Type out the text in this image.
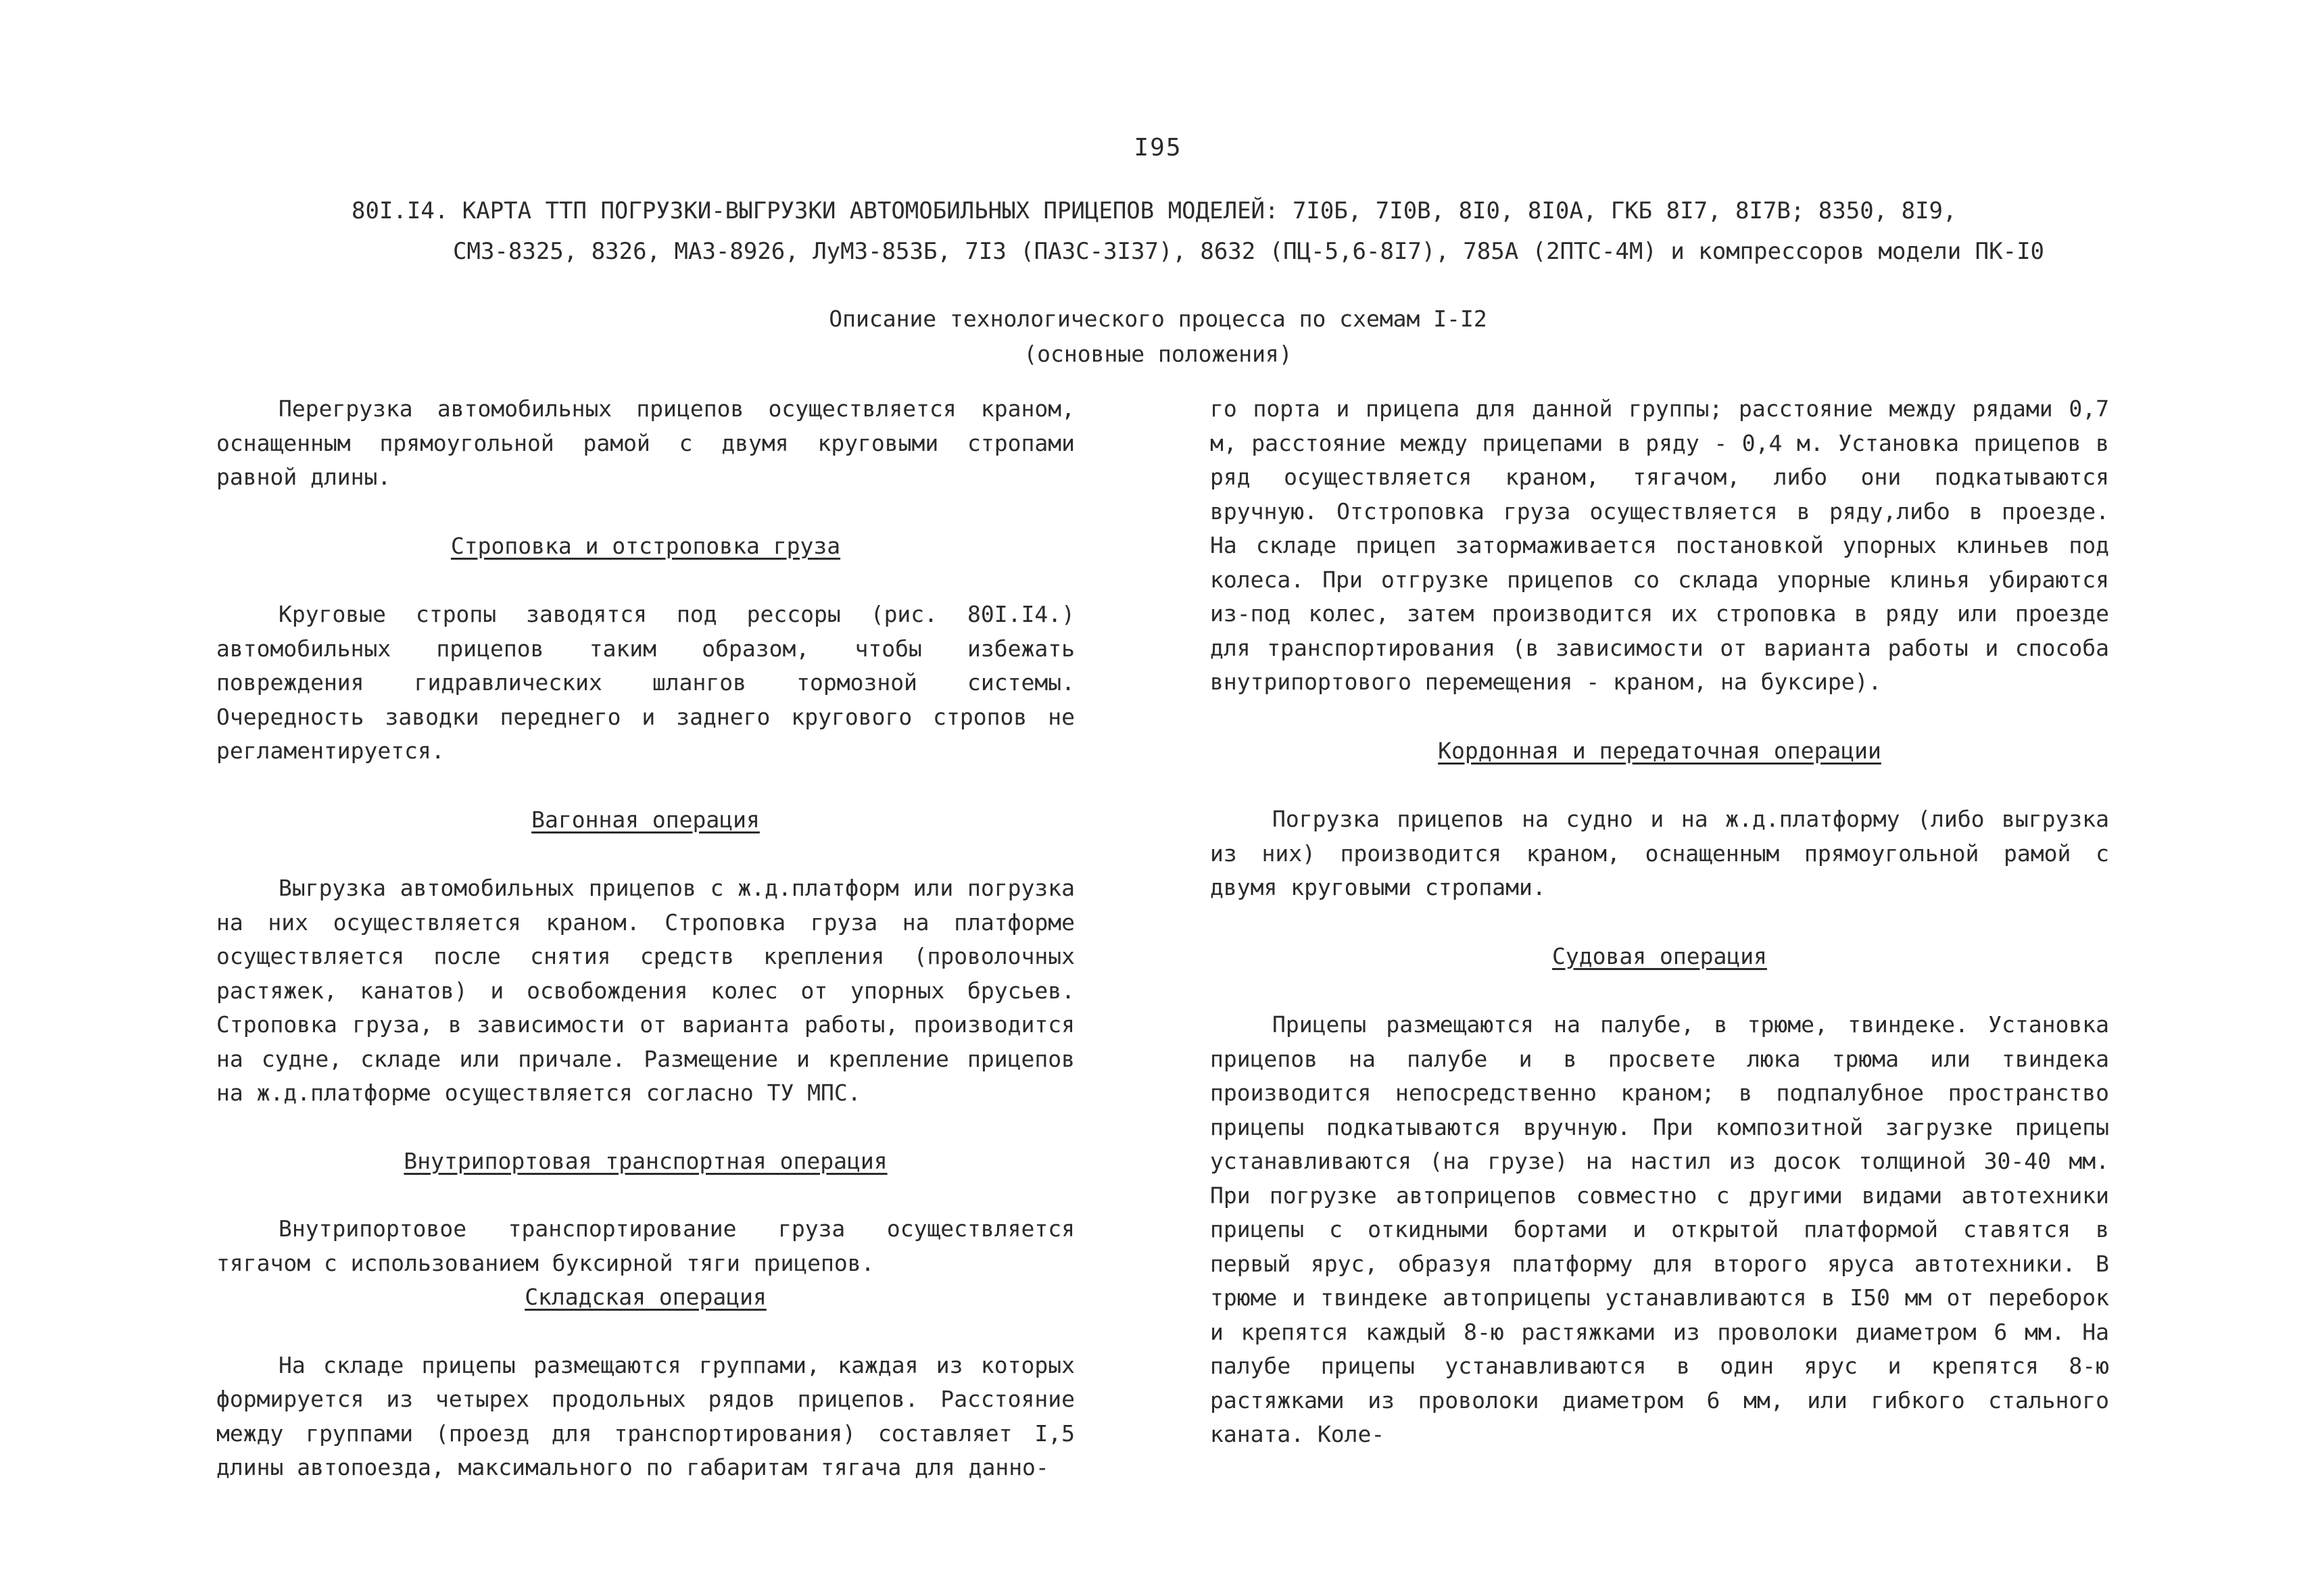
I95
80I.I4. КАРТА ТТП ПОГРУЗКИ-ВЫГРУЗКИ АВТОМОБИЛЬНЫХ ПРИЦЕПОВ МОДЕЛЕЙ: 7I0Б, 7I0В, 8I0, 8I0А, ГКБ 8I7, 8I7В; 8350, 8I9,
СМЗ-8325, 8326, МАЗ-8926, ЛуМЗ-853Б, 7I3 (ПАЗС-3I37), 8632 (ПЦ-5,6-8I7), 785А (2ПТС-4М) и компрессоров модели ПК-I0
Описание технологического процесса по схемам I-I2
(основные положения)

Перегрузка автомобильных прицепов осуществляется краном, оснащенным прямоугольной рамой с двумя круговыми стропами равной длины.

Строповка и отстроповка груза

Круговые стропы заводятся под рессоры (рис. 80I.I4.) автомобильных прицепов таким образом, чтобы избежать повреждения гидравлических шлангов тормозной системы. Очередность заводки переднего и заднего кругового стропов не регламентируется.

Вагонная операция

Выгрузка автомобильных прицепов с ж.д.платформ или погрузка на них осуществляется краном. Строповка груза на платформе осуществляется после снятия средств крепления (проволочных растяжек, канатов) и освобождения колес от упорных брусьев. Строповка груза, в зависимости от варианта работы, производится на судне, складе или причале. Размещение и крепление прицепов на ж.д.платформе осуществляется согласно ТУ МПС.

Внутрипортовая транспортная операция

Внутрипортовое транспортирование груза осуществляется тягачом с использованием буксирной тяги прицепов.

Складская операция

На складе прицепы размещаются группами, каждая из которых формируется из четырех продольных рядов прицепов. Расстояние между группами (проезд для транспортирования) составляет I,5 длины автопоезда, максимального по габаритам тягача для данно-

го порта и прицепа для данной группы; расстояние между рядами 0,7 м, расстояние между прицепами в ряду - 0,4 м. Установка прицепов в ряд осуществляется краном, тягачом, либо они подкатываются вручную. Отстроповка груза осуществляется в ряду,либо в проезде. На складе прицеп затормаживается постановкой упорных клиньев под колеса. При отгрузке прицепов со склада упорные клинья убираются из-под колес, затем производится их строповка в ряду или проезде для транспортирования (в зависимости от варианта работы и способа внутрипортового перемещения - краном, на буксире).

Кордонная и передаточная операции

Погрузка прицепов на судно и на ж.д.платформу (либо выгрузка из них) производится краном, оснащенным прямоугольной рамой с двумя круговыми стропами.

Судовая операция

Прицепы размещаются на палубе, в трюме, твиндеке. Установка прицепов на палубе и в просвете люка трюма или твиндека производится непосредственно краном; в подпалубное пространство прицепы подкатываются вручную. При композитной загрузке прицепы устанавливаются (на грузе) на настил из досок толщиной 30-40 мм. При погрузке автоприцепов совместно с другими видами автотехники прицепы с откидными бортами и открытой платформой ставятся в первый ярус, образуя платформу для второго яруса автотехники. В трюме и твиндеке автоприцепы устанавливаются в I50 мм от переборок и крепятся каждый 8-ю растяжками из проволоки диаметром 6 мм. На палубе прицепы устанавливаются в один ярус и крепятся 8-ю растяжками из проволоки диаметром 6 мм, или гибкого стального каната. Коле-
